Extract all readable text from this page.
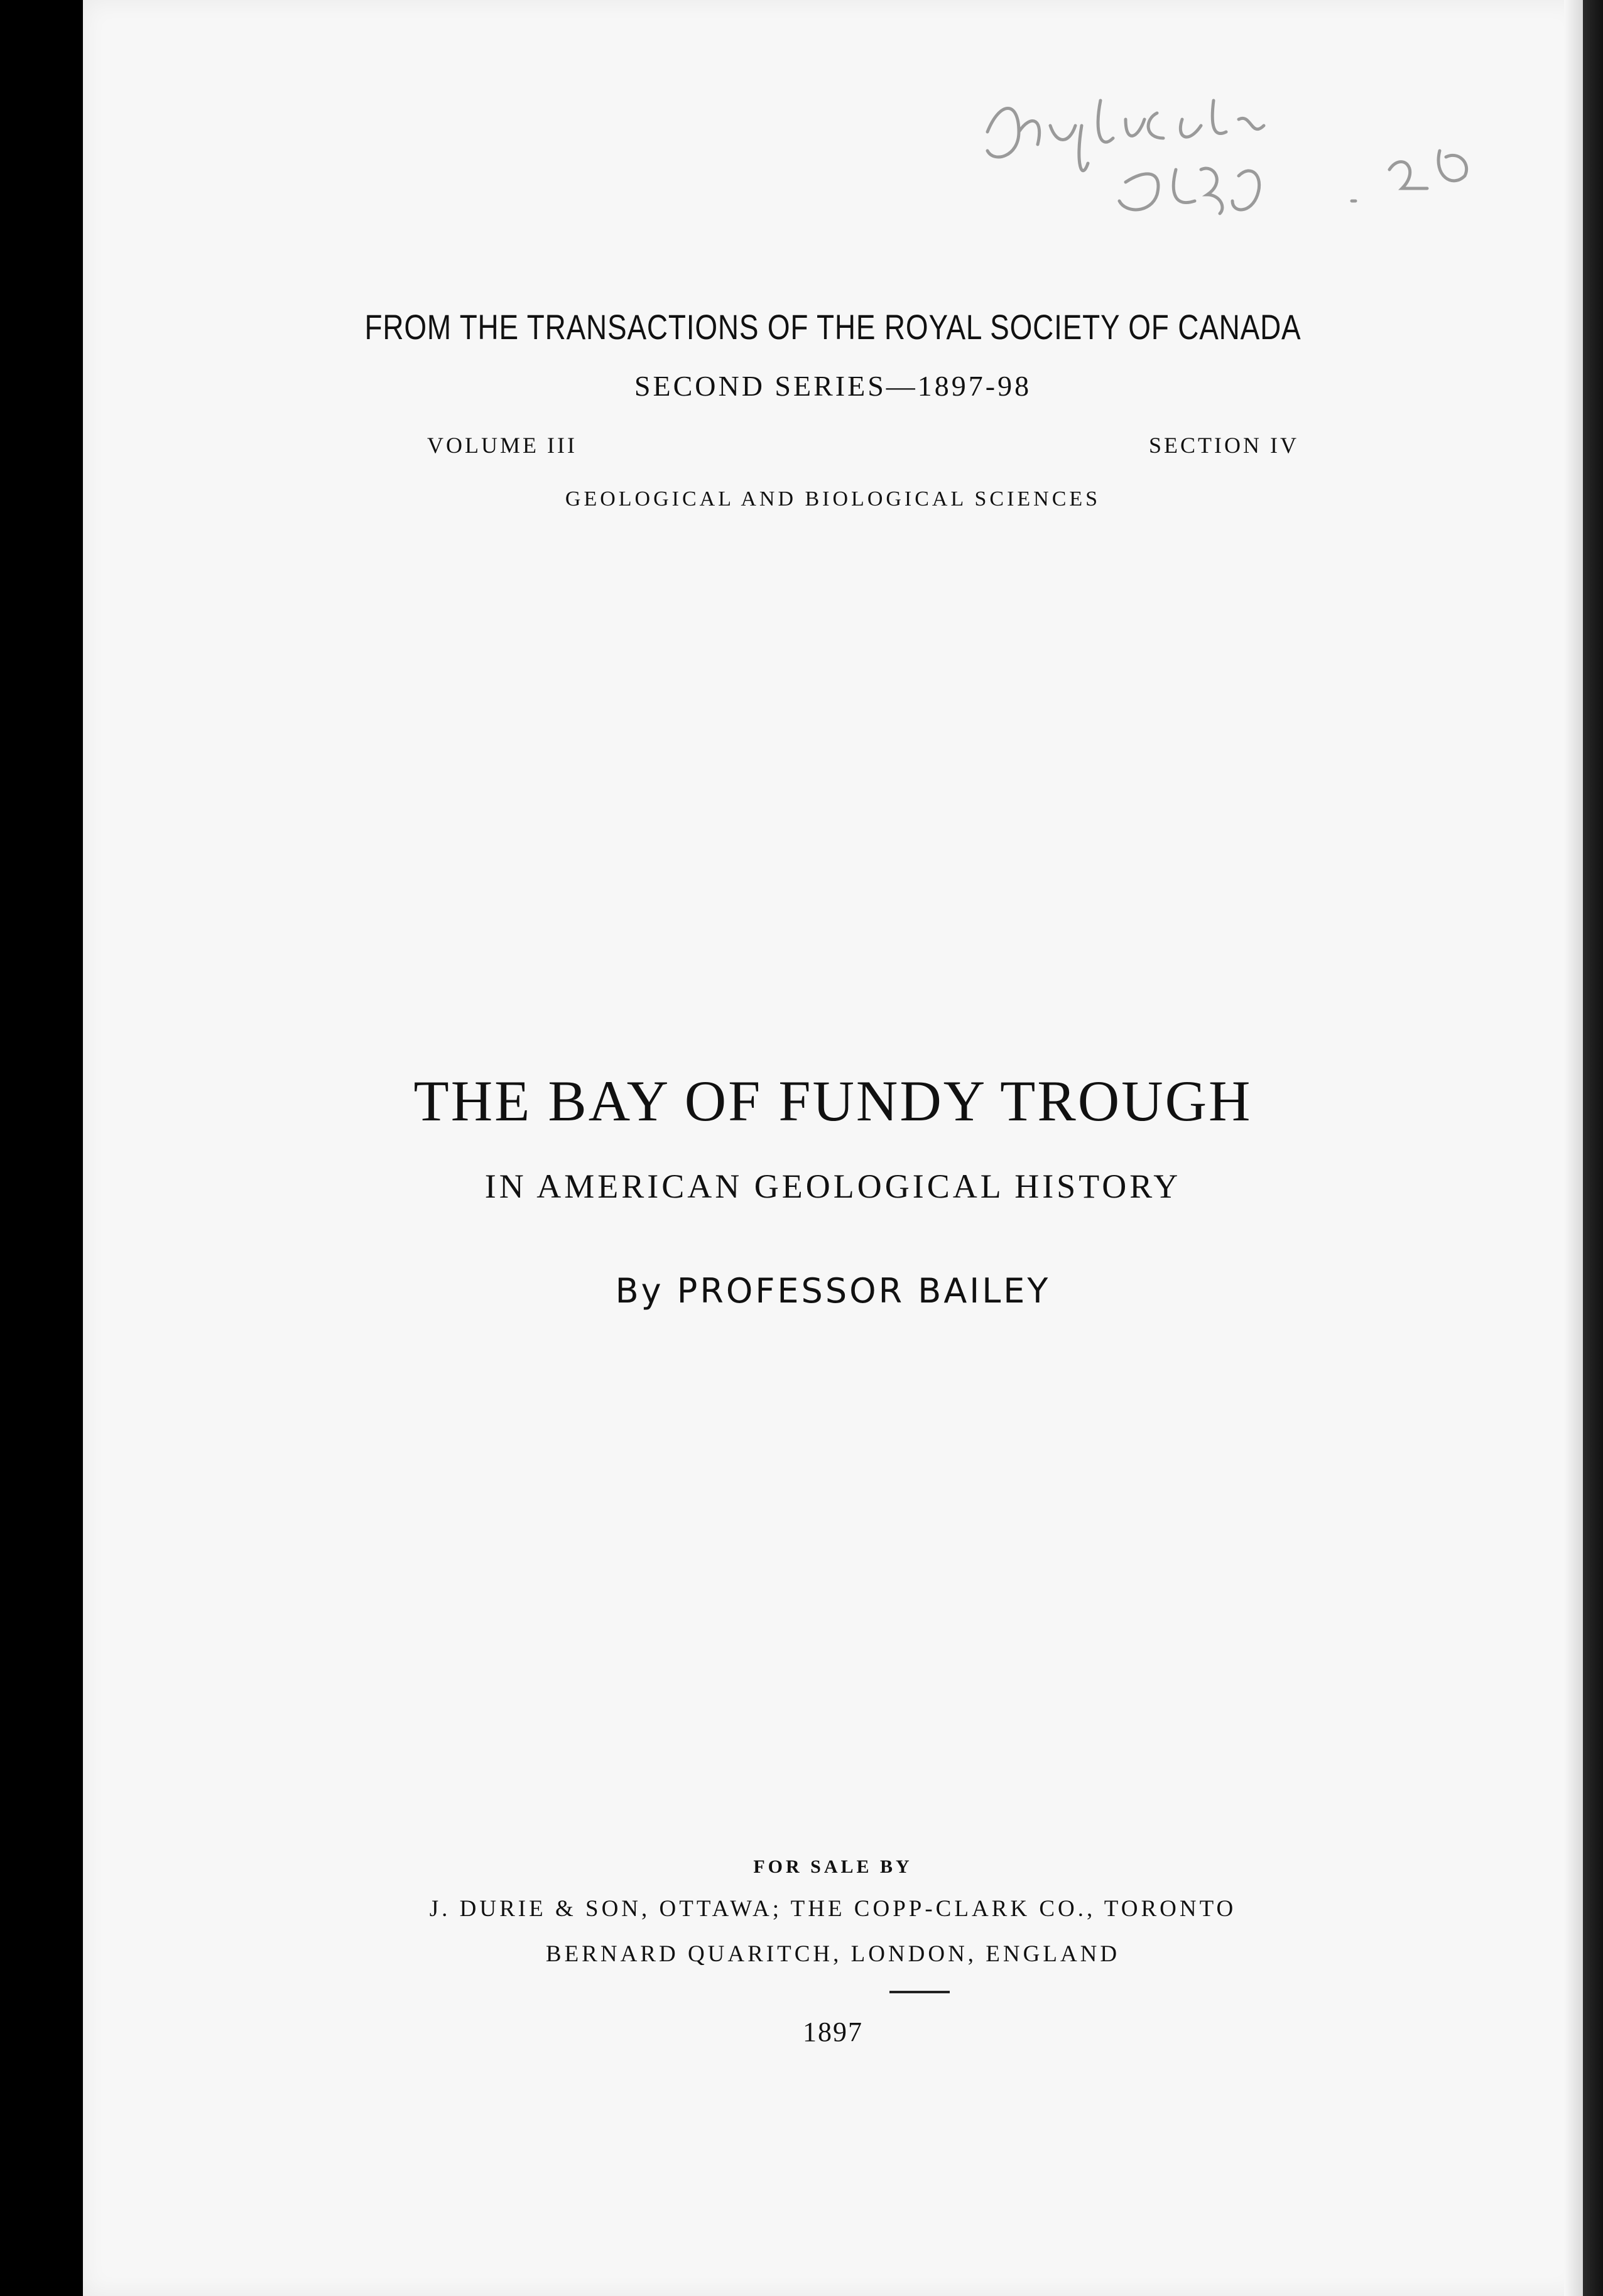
FROM THE TRANSACTIONS OF THE ROYAL SOCIETY OF CANADA
SECOND SERIES—1897-98
VOLUME III	SECTION IV
GEOLOGICAL AND BIOLOGICAL SCIENCES
THE BAY OF FUNDY TROUGH
IN AMERICAN GEOLOGICAL HISTORY
By PROFESSOR BAILEY
FOR SALE BY
J. DURIE & SON, OTTAWA; THE COPP-CLARK CO., TORONTO
BERNARD QUARITCH, LONDON, ENGLAND
1897
